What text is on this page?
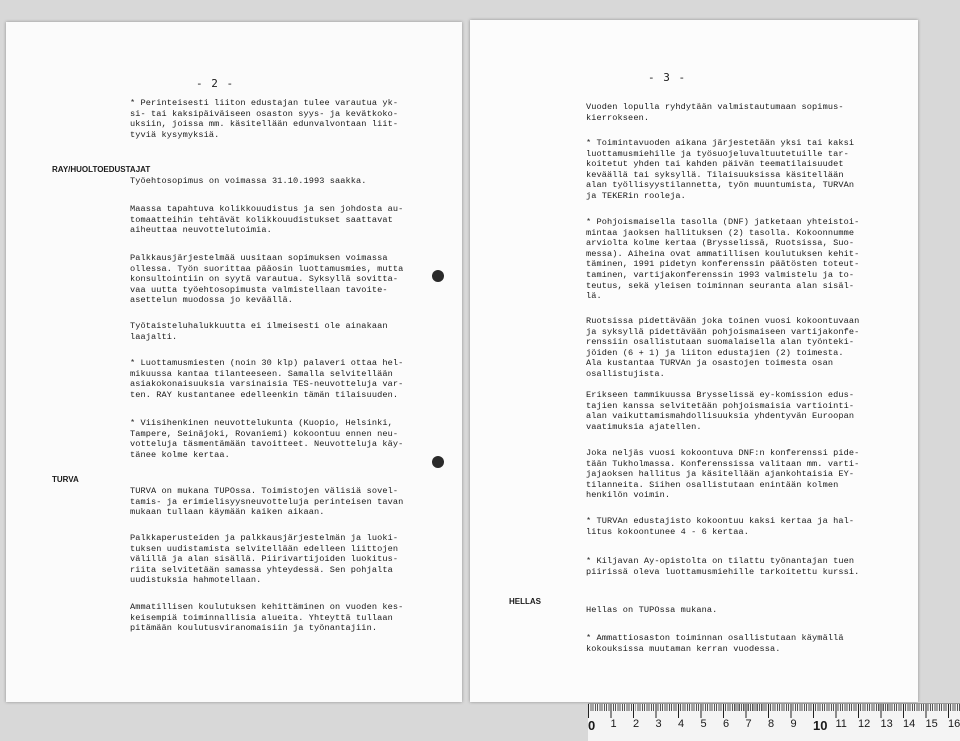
- 2 -
* Perinteisesti liiton edustajan tulee varautua yk-
si- tai kaksipäiväiseen osaston syys- ja kevätkoko-
uksiin, joissa mm. käsitellään edunvalvontaan liit-
tyviä kysymyksiä.
RAY/HUOLTOEDUSTAJAT
Työehtosopimus on voimassa 31.10.1993 saakka.
Maassa tapahtuva kolikkouudistus ja sen johdosta au-
tomaatteihin tehtävät kolikkouudistukset saattavat
aiheuttaa neuvottelutoimia.
Palkkausjärjestelmää uusitaan sopimuksen voimassa
ollessa. Työn suorittaa pääosin luottamusmies, mutta
konsultointiin on syytä varautua. Syksyllä sovitta-
vaa uutta työehtosopimusta valmistellaan tavoite-
asettelun muodossa jo keväällä.
Työtaisteluhalukkuutta ei ilmeisesti ole ainakaan
laajalti.
* Luottamusmiesten (noin 30 klp) palaveri ottaa hel-
mikuussa kantaa tilanteeseen. Samalla selvitellään
asiakokonaisuuksia varsinaisia TES-neuvotteluja var-
ten. RAY kustantanee edelleenkin tämän tilaisuuden.
* Viisihenkinen neuvottelukunta (Kuopio, Helsinki,
Tampere, Seinäjoki, Rovaniemi) kokoontuu ennen neu-
votteluja täsmentämään tavoitteet. Neuvotteluja käy-
tänee kolme kertaa.
TURVA
TURVA on mukana TUPOssa. Toimistojen välisiä sovel-
tamis- ja erimielisyysneuvotteluja perinteisen tavan
mukaan tullaan käymään kaiken aikaan.
Palkkaperusteiden ja palkkausjärjestelmän ja luoki-
tuksen uudistamista selvitellään edelleen liittojen
välillä ja alan sisällä. Piirivartijoiden luokitus-
riita selvitetään samassa yhteydessä. Sen pohjalta
uudistuksia hahmotellaan.
Ammatillisen koulutuksen kehittäminen on vuoden kes-
keisempiä toiminnallisia alueita. Yhteyttä tullaan
pitämään koulutusviranomaisiin ja työnantajiin.
- 3 -
Vuoden lopulla ryhdytään valmistautumaan sopimus-
kierrokseen.
* Toimintavuoden aikana järjestetään yksi tai kaksi
luottamusmiehille ja työsuojeluvaltuutetuille tar-
koitetut yhden tai kahden päivän teematilaisuudet
keväällä tai syksyllä. Tilaisuuksissa käsitellään
alan työllisyystilannetta, työn muuntumista, TURVAn
ja TEKERin rooleja.
* Pohjoismaisella tasolla (DNF) jatketaan yhteistoi-
mintaa jaoksen hallituksen (2) tasolla. Kokoonnumme
arviolta kolme kertaa (Brysselissä, Ruotsissa, Suo-
messa). Aiheina ovat ammatillisen koulutuksen kehit-
täminen, 1991 pidetyn konferenssin päätösten toteut-
taminen, vartijakonferenssin 1993 valmistelu ja to-
teutus, sekä yleisen toiminnan seuranta alan sisäl-
lä.
Ruotsissa pidettävään joka toinen vuosi kokoontuvaan
ja syksyllä pidettävään pohjoismaiseen vartijakonfe-
renssiin osallistutaan suomalaisella alan työnteki-
jöiden (6 + 1) ja liiton edustajien (2) toimesta.
Ala kustantaa TURVAn ja osastojen toimesta osan
osallistujista.
Erikseen tammikuussa Brysselissä ey-komission edus-
tajien kanssa selvitetään pohjoismaisia vartiointi-
alan vaikuttamismahdollisuuksia yhdentyvän Euroopan
vaatimuksia ajatellen.
Joka neljäs vuosi kokoontuva DNF:n konferenssi pide-
tään Tukholmassa. Konferenssissa valitaan mm. varti-
jajaoksen hallitus ja käsitellään ajankohtaisia EY-
tilanneita. Siihen osallistutaan enintään kolmen
henkilön voimin.
* TURVAn edustajisto kokoontuu kaksi kertaa ja hal-
litus kokoontunee 4 - 6 kertaa.
* Kiljavan Ay-opistolta on tilattu työnantajan tuen
piirissä oleva luottamusmiehille tarkoitettu kurssi.
HELLAS
Hellas on TUPOssa mukana.
* Ammattiosaston toiminnan osallistutaan käymällä
kokouksissa muutaman kerran vuodessa.
0	1	2	3	4	5	6	7	8	9	10 11	12 13 14 15 16
